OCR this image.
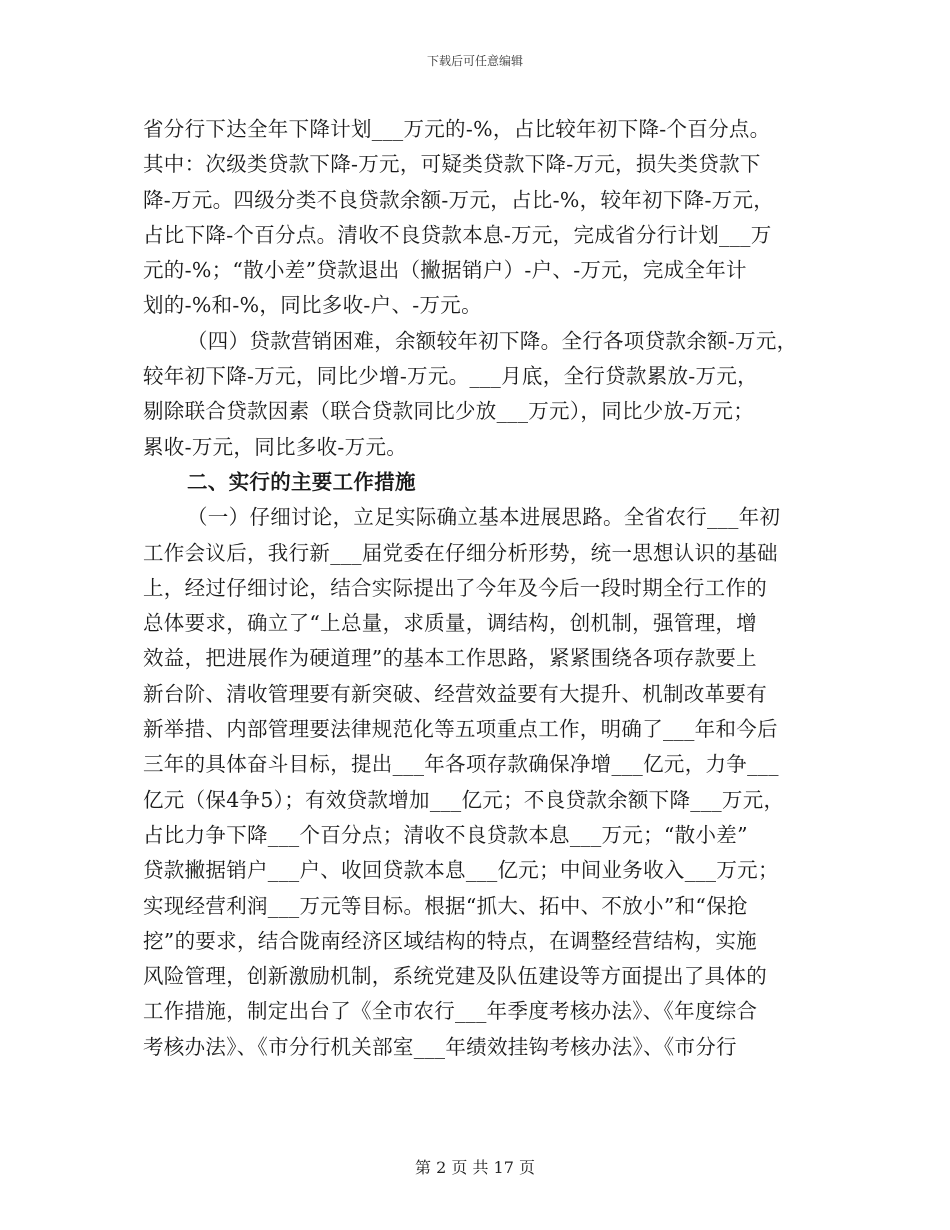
下载后可任意编辑
省分行下达全年下降计划___万元的-%，占比较年初下降-个百分点。
其中：次级类贷款下降-万元，可疑类贷款下降-万元，损失类贷款下
降-万元。四级分类不良贷款余额-万元，占比-%，较年初下降-万元，
占比下降-个百分点。清收不良贷款本息-万元，完成省分行计划___万
元的-%；“散小差”贷款退出（撇据销户）-户、-万元，完成全年计
划的-%和-%，同比多收-户、-万元。
（四）贷款营销困难，余额较年初下降。全行各项贷款余额-万元，
较年初下降-万元，同比少增-万元。___月底，全行贷款累放-万元，
剔除联合贷款因素（联合贷款同比少放___万元），同比少放-万元；
累收-万元，同比多收-万元。
二、实行的主要工作措施
（一）仔细讨论，立足实际确立基本进展思路。全省农行___年初
工作会议后，我行新___届党委在仔细分析形势，统一思想认识的基础
上，经过仔细讨论，结合实际提出了今年及今后一段时期全行工作的
总体要求，确立了“上总量，求质量，调结构，创机制，强管理，增
效益，把进展作为硬道理”的基本工作思路，紧紧围绕各项存款要上
新台阶、清收管理要有新突破、经营效益要有大提升、机制改革要有
新举措、内部管理要法律规范化等五项重点工作，明确了___年和今后
三年的具体奋斗目标，提出___年各项存款确保净增___亿元，力争___
亿元（保4争5）；有效贷款增加___亿元；不良贷款余额下降___万元，
占比力争下降___个百分点；清收不良贷款本息___万元；“散小差”
贷款撇据销户___户、收回贷款本息___亿元；中间业务收入___万元；
实现经营利润___万元等目标。根据“抓大、拓中、不放小”和“保抢
挖”的要求，结合陇南经济区域结构的特点，在调整经营结构，实施
风险管理，创新激励机制，系统党建及队伍建设等方面提出了具体的
工作措施，制定出台了《全市农行___年季度考核办法》、《年度综合
考核办法》、《市分行机关部室___年绩效挂钩考核办法》、《市分行
第 2 页 共 17 页
